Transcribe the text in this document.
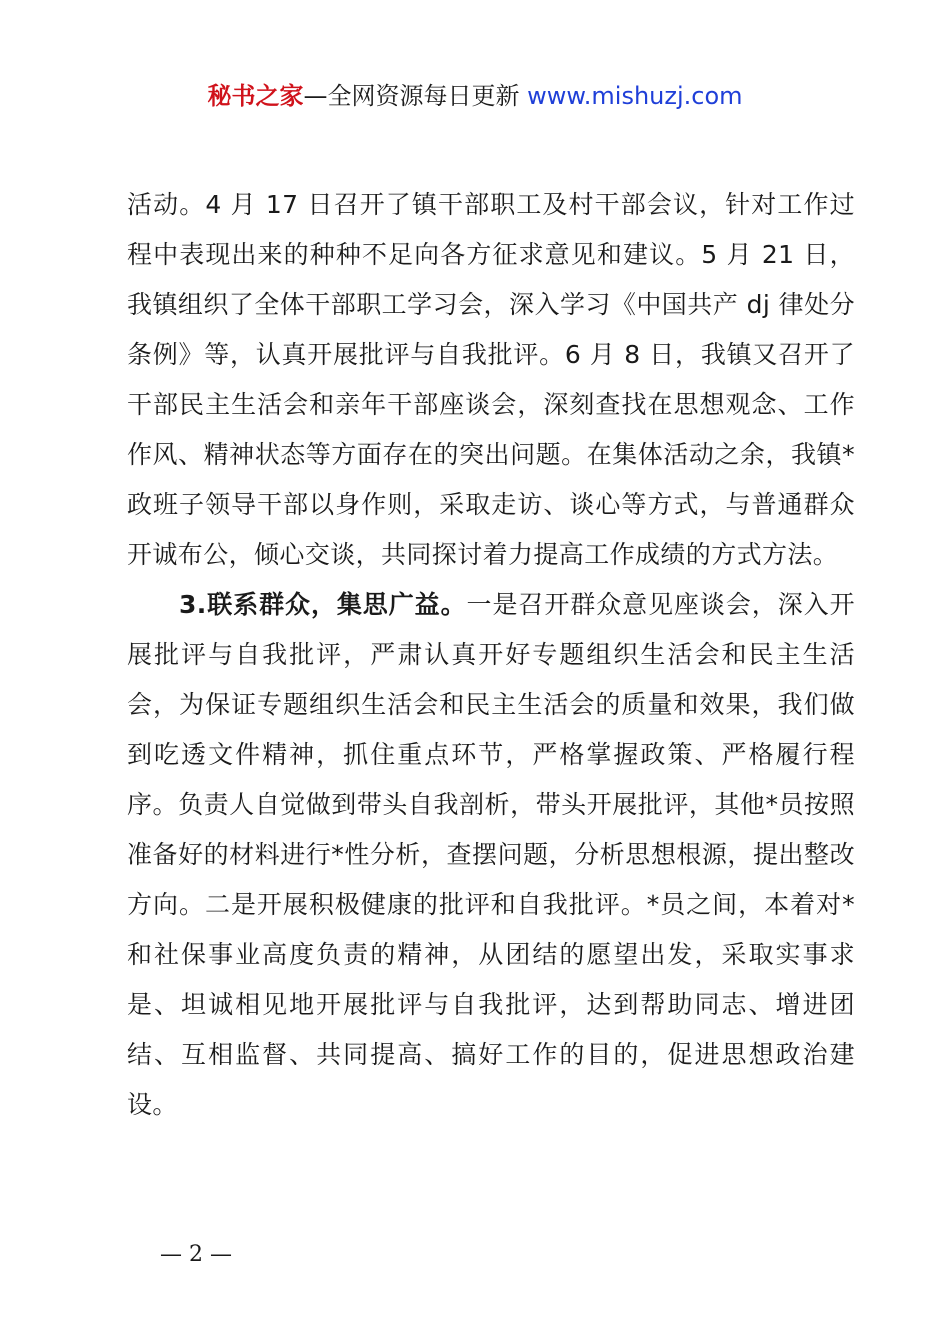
秘书之家—全网资源每日更新 www.mishuzj.com

活动。4 月 17 日召开了镇干部职工及村干部会议，针对工作过程中表现出来的种种不足向各方征求意见和建议。5 月 21 日，我镇组织了全体干部职工学习会，深入学习《中国共产 dj 律处分条例》等，认真开展批评与自我批评。6 月 8 日，我镇又召开了干部民主生活会和亲年干部座谈会，深刻查找在思想观念、工作作风、精神状态等方面存在的突出问题。在集体活动之余，我镇*政班子领导干部以身作则，采取走访、谈心等方式，与普通群众开诚布公，倾心交谈，共同探讨着力提高工作成绩的方式方法。

3.联系群众，集思广益。一是召开群众意见座谈会，深入开展批评与自我批评，严肃认真开好专题组织生活会和民主生活会，为保证专题组织生活会和民主生活会的质量和效果，我们做到吃透文件精神，抓住重点环节，严格掌握政策、严格履行程序。负责人自觉做到带头自我剖析，带头开展批评，其他*员按照准备好的材料进行*性分析，查摆问题，分析思想根源，提出整改方向。二是开展积极健康的批评和自我批评。*员之间，本着对*和社保事业高度负责的精神，从团结的愿望出发，采取实事求是、坦诚相见地开展批评与自我批评，达到帮助同志、增进团结、互相监督、共同提高、搞好工作的目的，促进思想政治建设。

— 2 —
